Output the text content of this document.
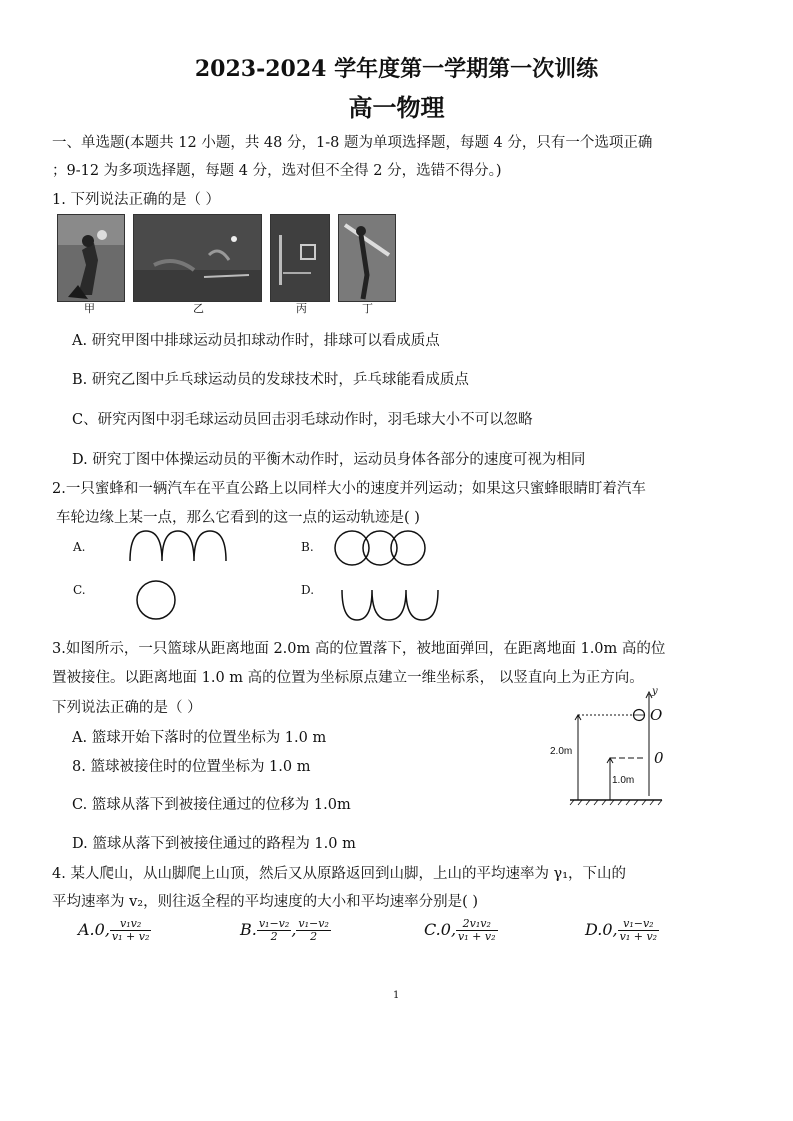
2023-2024 学年度第一学期第一次训练
高一物理
一、单选题(本题共 12 小题，共 48 分，1-8 题为单项选择题，每题 4 分，只有一个选项正确
；9-12 为多项选择题，每题 4 分，选对但不全得 2 分，选错不得分。)
1. 下列说法正确的是（ ）
甲	乙	丙	丁
A. 研究甲图中排球运动员扣球动作时，排球可以看成质点
B. 研究乙图中乒乓球运动员的发球技术时，乒乓球能看成质点
C、研究丙图中羽毛球运动员回击羽毛球动作时，羽毛球大小不可以忽略
D. 研究丁图中体操运动员的平衡木动作时，运动员身体各部分的速度可视为相同
2.一只蜜蜂和一辆汽车在平直公路上以同样大小的速度并列运动；如果这只蜜蜂眼睛盯着汽车
车轮边缘上某一点，那么它看到的这一点的运动轨迹是( )
A.	B.
C.	D.
3.如图所示，一只篮球从距离地面 2.0m 高的位置落下，被地面弹回，在距离地面 1.0m 高的位
置被接住。以距离地面 1.0 m 高的位置为坐标原点建立一维坐标系， 以竖直向上为正方向。
下列说法正确的是（ ）
A. 篮球开始下落时的位置坐标为 1.0 m
8. 篮球被接住时的位置坐标为 1.0 m
C. 篮球从落下到被接住通过的位移为 1.0m
D. 篮球从落下到被接住通过的路程为 1.0 m
y
O
0
2.0m
1.0m
4. 某人爬山，从山脚爬上山顶，然后又从原路返回到山脚，上山的平均速率为 γ₁，下山的
平均速率为 v₂，则往返全程的平均速度的大小和平均速率分别是( )
A.0, $\frac{\text{v₁v₂}}{\text{v₁ + v₂}}$	B. $\frac{\text{v₁−v₂}}{2}$ , $\frac{\text{v₁−v₂}}{2}$	C.0, $\frac{\text{2v₁v₂}}{\text{v₁ + v₂}}$	D.0, $\frac{\text{v₁−v₂}}{\text{v₁ + v₂}}$
1
